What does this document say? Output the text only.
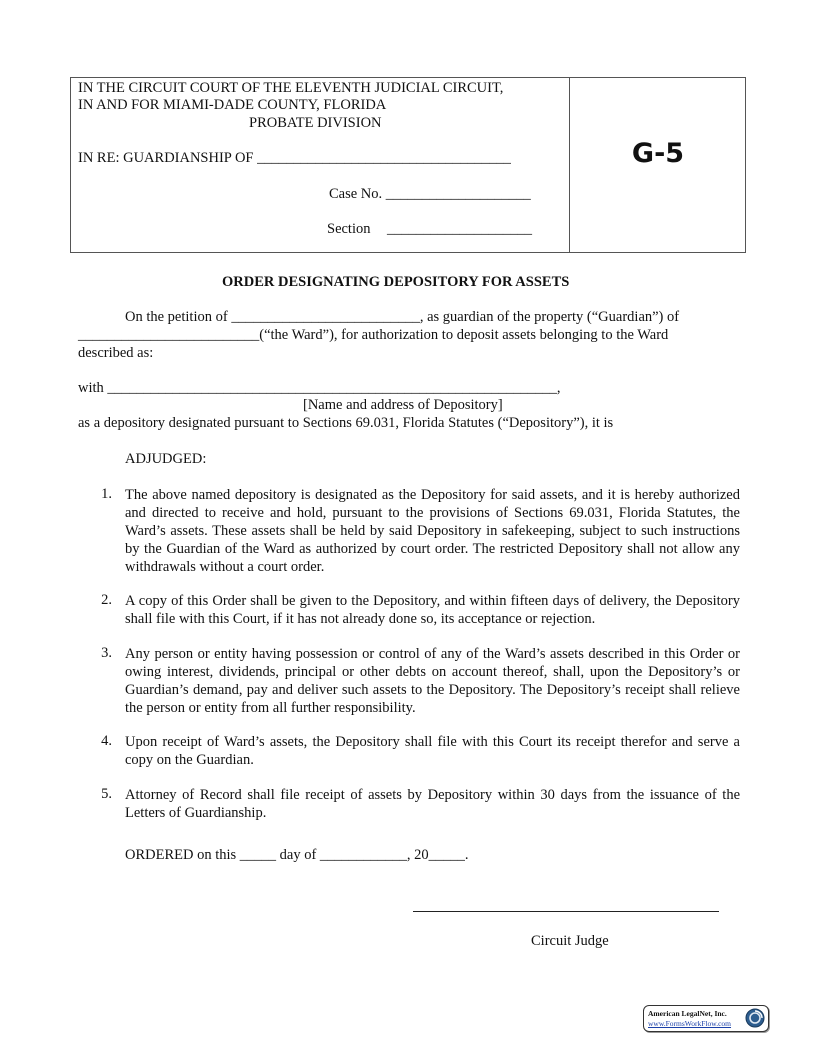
IN THE CIRCUIT COURT OF THE ELEVENTH JUDICIAL CIRCUIT,
IN AND FOR MIAMI-DADE COUNTY, FLORIDA
PROBATE DIVISION
IN RE: GUARDIANSHIP OF ___________________________________
Case No. ____________________
Section ____________________
G-5
ORDER DESIGNATING DEPOSITORY FOR ASSETS
On the petition of __________________________, as guardian of the property (“Guardian”) of
_________________________(“the Ward”), for authorization to deposit assets belonging to the Ward
described as:
with ______________________________________________________________,
[Name and address of Depository]
as a depository designated pursuant to Sections 69.031, Florida Statutes (“Depository”), it is
ADJUDGED:
1. The above named depository is designated as the Depository for said assets, and it is hereby authorized and directed to receive and hold, pursuant to the provisions of Sections 69.031, Florida Statutes, the Ward’s assets. These assets shall be held by said Depository in safekeeping, subject to such instructions by the Guardian of the Ward as authorized by court order. The restricted Depository shall not allow any withdrawals without a court order.
2. A copy of this Order shall be given to the Depository, and within fifteen days of delivery, the Depository shall file with this Court, if it has not already done so, its acceptance or rejection.
3. Any person or entity having possession or control of any of the Ward’s assets described in this Order or owing interest, dividends, principal or other debts on account thereof, shall, upon the Depository’s or Guardian’s demand, pay and deliver such assets to the Depository. The Depository’s receipt shall relieve the person or entity from all further responsibility.
4. Upon receipt of Ward’s assets, the Depository shall file with this Court its receipt therefor and serve a copy on the Guardian.
5. Attorney of Record shall file receipt of assets by Depository within 30 days from the issuance of the Letters of Guardianship.
ORDERED on this _____ day of ____________, 20_____.
Circuit Judge
American LegalNet, Inc.
www.FormsWorkFlow.com
